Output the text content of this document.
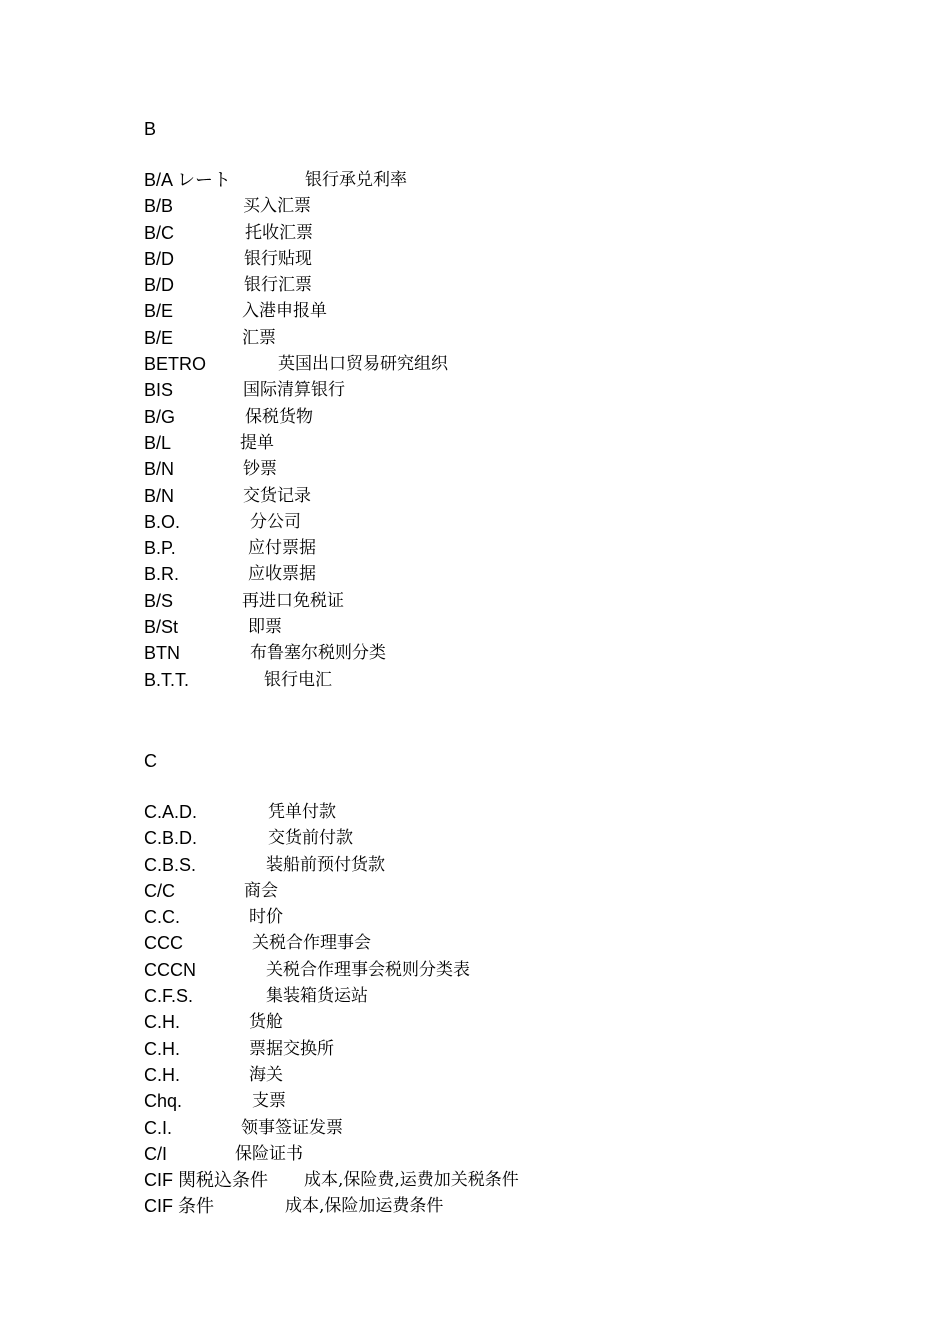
B
B/A レート	银行承兑利率
B/B	买入汇票
B/C	托收汇票
B/D	银行贴现
B/D	银行汇票
B/E	入港申报单
B/E	汇票
BETRO	英国出口贸易研究组织
BIS	国际清算银行
B/G	保税货物
B/L	提单
B/N	钞票
B/N	交货记录
B.O.	分公司
B.P.	应付票据
B.R.	应收票据
B/S	再进口免税证
B/St	即票
BTN	布鲁塞尔税则分类
B.T.T.	银行电汇
C
C.A.D.	凭单付款
C.B.D.	交货前付款
C.B.S.	装船前预付货款
C/C	商会
C.C.	时价
CCC	关税合作理事会
CCCN	关税合作理事会税则分类表
C.F.S.	集装箱货运站
C.H.	货舱
C.H.	票据交换所
C.H.	海关
Chq.	支票
C.I.	领事签证发票
C/I	保险证书
CIF 関税込条件 成本,保险费,运费加关税条件
CIF 条件	成本,保险加运费条件
